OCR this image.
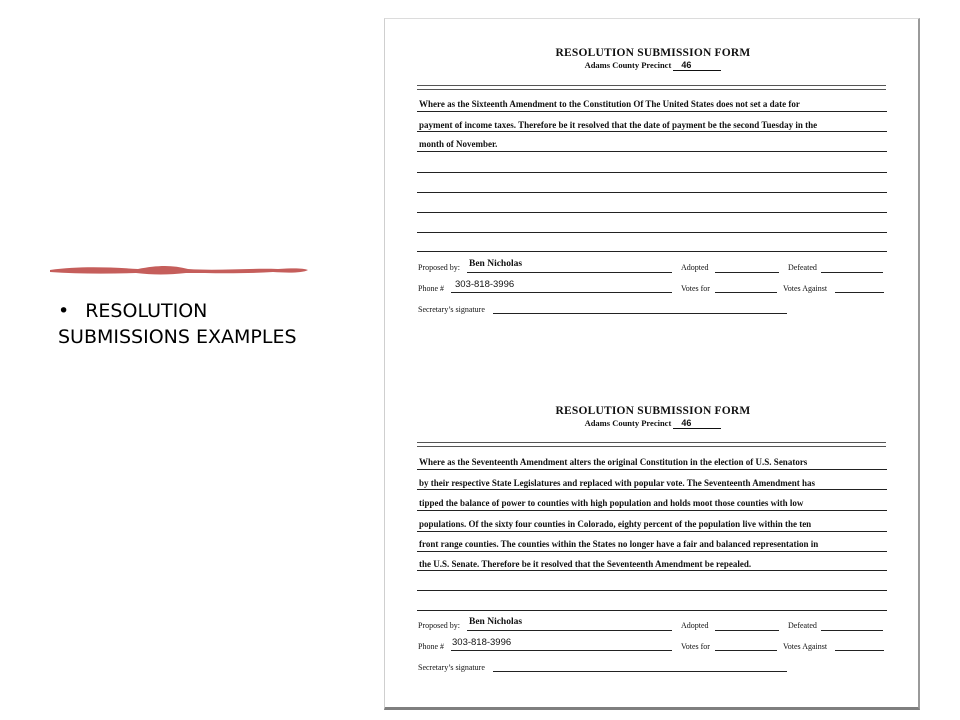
• RESOLUTION SUBMISSIONS EXAMPLES
RESOLUTION SUBMISSION FORM
Adams County Precinct 46
Where as the Sixteenth Amendment to the Constitution Of The United States does not set a date for
payment of income taxes. Therefore be it resolved that the date of payment be the second Tuesday in the
month of November.
Proposed by: Ben Nicholas	Adopted	Defeated
Phone # 303-818-3996	Votes for	Votes Against
Secretary’s signature
RESOLUTION SUBMISSION FORM
Adams County Precinct 46
Where as the Seventeenth Amendment alters the original Constitution in the election of U.S. Senators
by their respective State Legislatures and replaced with popular vote. The Seventeenth Amendment has
tipped the balance of power to counties with high population and holds moot those counties with low
populations. Of the sixty four counties in Colorado, eighty percent of the population live within the ten
front range counties. The counties within the States no longer have a fair and balanced representation in
the U.S. Senate. Therefore be it resolved that the Seventeenth Amendment be repealed.
Proposed by: Ben Nicholas	Adopted	Defeated
Phone # 303-818-3996	Votes for	Votes Against
Secretary’s signature
